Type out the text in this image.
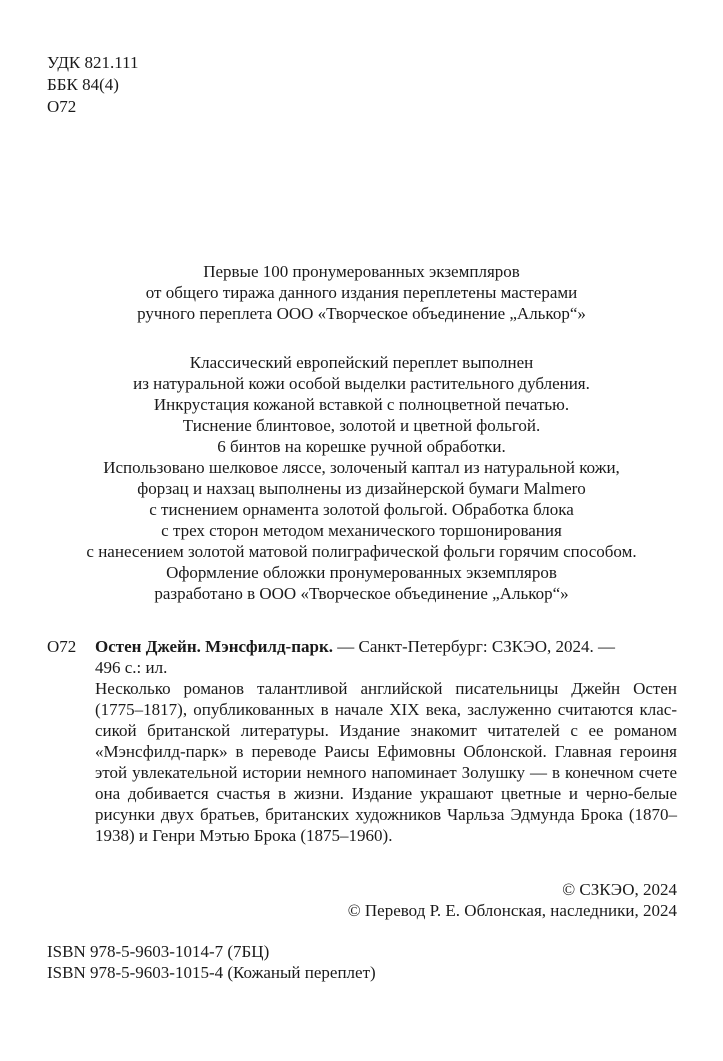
УДК 821.111
ББК 84(4)
О72
Первые 100 пронумерованных экземпляров
от общего тиража данного издания переплетены мастерами
ручного переплета ООО «Творческое объединение „Алькор“»
Классический европейский переплет выполнен
из натуральной кожи особой выделки растительного дубления.
Инкрустация кожаной вставкой с полноцветной печатью.
Тиснение блинтовое, золотой и цветной фольгой.
6 бинтов на корешке ручной обработки.
Использовано шелковое ляссе, золоченый каптал из натуральной кожи,
форзац и нахзац выполнены из дизайнерской бумаги Malmero
с тиснением орнамента золотой фольгой. Обработка блока
с трех сторон методом механического торшонирования
с нанесением золотой матовой полиграфической фольги горячим способом.
Оформление обложки пронумерованных экземпляров
разработано в ООО «Творческое объединение „Алькор“»
О72 Остен Джейн. Мэнсфилд-парк. — Санкт-Петербург: СЗКЭО, 2024. —
496 с.: ил.
Несколько романов талантливой английской писательницы Джейн Остен
(1775–1817), опубликованных в начале XIX века, заслуженно считаются клас-
сикой британской литературы. Издание знакомит читателей с ее романом
«Мэнсфилд-парк» в переводе Раисы Ефимовны Облонской. Главная героиня
этой увлекательной истории немного напоминает Золушку — в конечном счете
она добивается счастья в жизни. Издание украшают цветные и черно-белые
рисунки двух братьев, британских художников Чарльза Эдмунда Брока (1870–
1938) и Генри Мэтью Брока (1875–1960).
© СЗКЭО, 2024
© Перевод Р. Е. Облонская, наследники, 2024
ISBN 978-5-9603-1014-7 (7БЦ)
ISBN 978-5-9603-1015-4 (Кожаный переплет)
